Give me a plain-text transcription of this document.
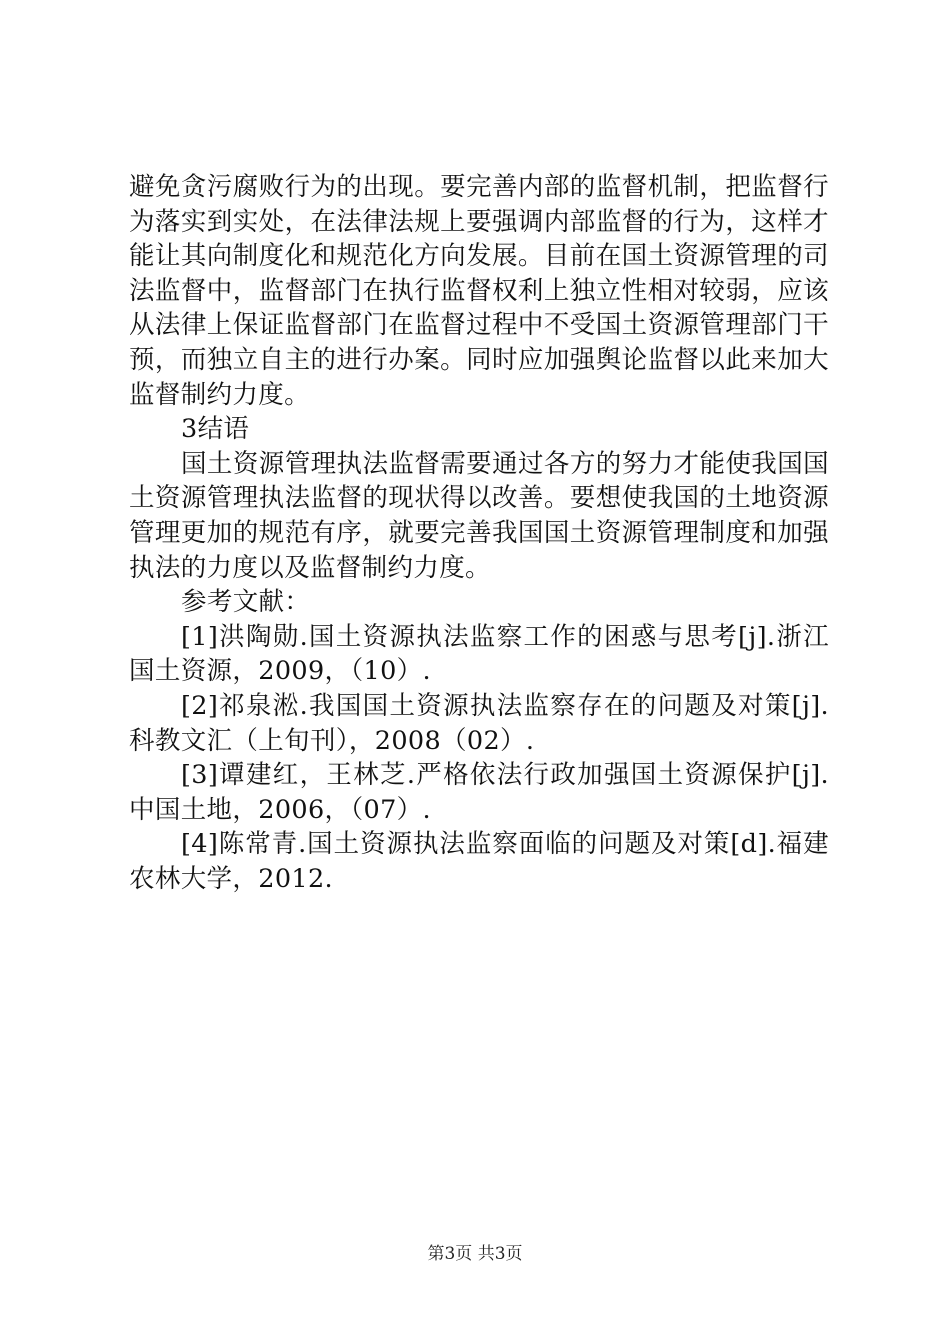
避免贪污腐败行为的出现。要完善内部的监督机制，把监督行为落实到实处，在法律法规上要强调内部监督的行为，这样才能让其向制度化和规范化方向发展。目前在国土资源管理的司法监督中，监督部门在执行监督权利上独立性相对较弱，应该从法律上保证监督部门在监督过程中不受国土资源管理部门干预，而独立自主的进行办案。同时应加强舆论监督以此来加大监督制约力度。

3结语

国土资源管理执法监督需要通过各方的努力才能使我国国土资源管理执法监督的现状得以改善。要想使我国的土地资源管理更加的规范有序，就要完善我国国土资源管理制度和加强执法的力度以及监督制约力度。

参考文献：

[1]洪陶勋.国土资源执法监察工作的困惑与思考[j].浙江国土资源，2009，（10）.

[2]祁泉淞.我国国土资源执法监察存在的问题及对策[j].科教文汇（上旬刊），2008（02）.

[3]谭建红，王林芝.严格依法行政加强国土资源保护[j].中国土地，2006，（07）.

[4]陈常青.国土资源执法监察面临的问题及对策[d].福建农林大学，2012.

第3页 共3页
